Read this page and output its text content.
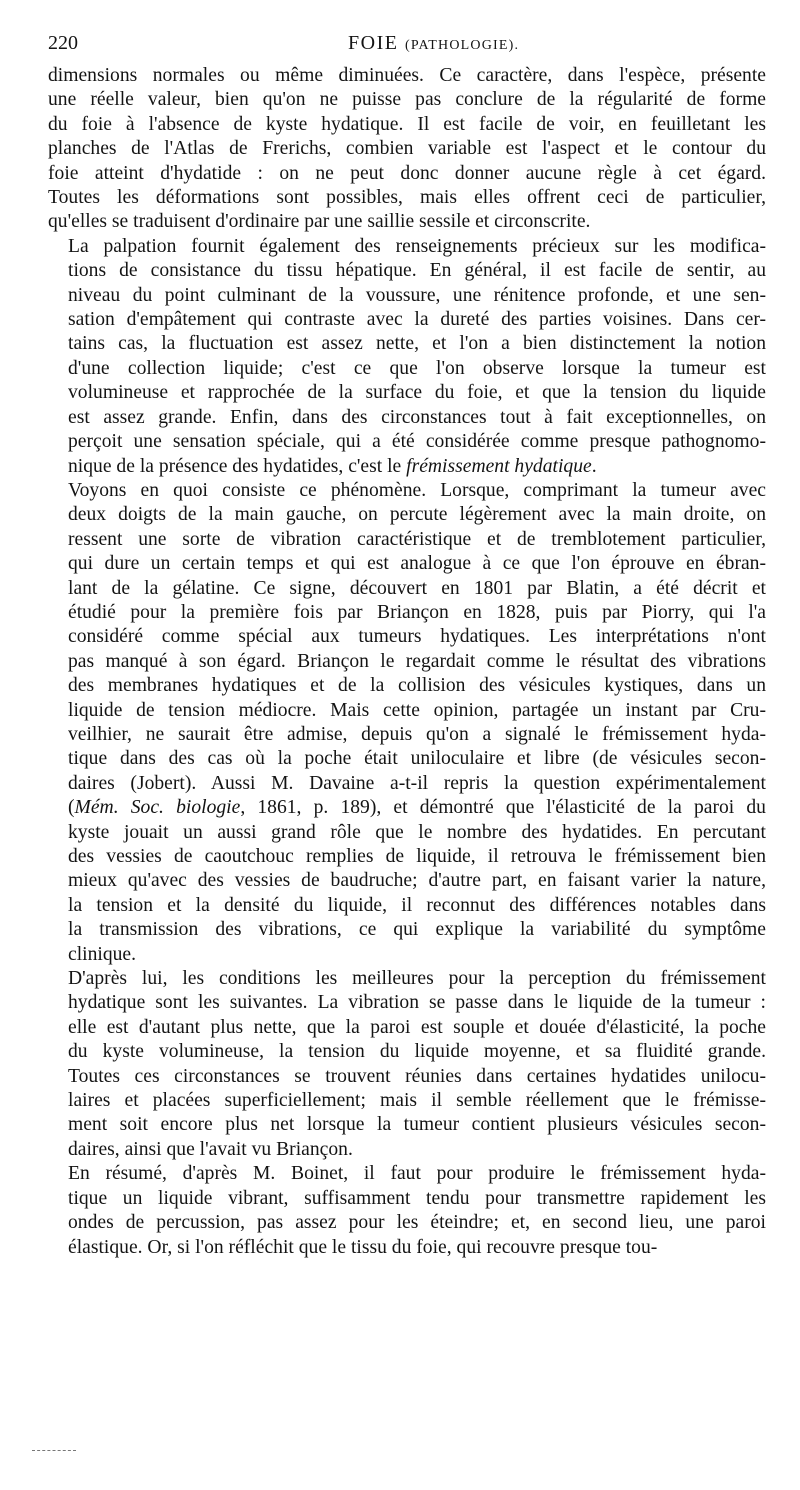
220	FOIE (PATHOLOGIE).

dimensions normales ou même diminuées. Ce caractère, dans l'espèce, présente
une réelle valeur, bien qu'on ne puisse pas conclure de la régularité de forme
du foie à l'absence de kyste hydatique. Il est facile de voir, en feuilletant les
planches de l'Atlas de Frerichs, combien variable est l'aspect et le contour du
foie atteint d'hydatide : on ne peut donc donner aucune règle à cet égard.
Toutes les déformations sont possibles, mais elles offrent ceci de particulier,
qu'elles se traduisent d'ordinaire par une saillie sessile et circonscrite.

La palpation fournit également des renseignements précieux sur les modifica-
tions de consistance du tissu hépatique. En général, il est facile de sentir, au
niveau du point culminant de la voussure, une rénitence profonde, et une sen-
sation d'empâtement qui contraste avec la dureté des parties voisines. Dans cer-
tains cas, la fluctuation est assez nette, et l'on a bien distinctement la notion
d'une collection liquide; c'est ce que l'on observe lorsque la tumeur est
volumineuse et rapprochée de la surface du foie, et que la tension du liquide
est assez grande. Enfin, dans des circonstances tout à fait exceptionnelles, on
perçoit une sensation spéciale, qui a été considérée comme presque pathognomo-
nique de la présence des hydatides, c'est le frémissement hydatique.

Voyons en quoi consiste ce phénomène. Lorsque, comprimant la tumeur avec
deux doigts de la main gauche, on percute légèrement avec la main droite, on
ressent une sorte de vibration caractéristique et de tremblotement particulier,
qui dure un certain temps et qui est analogue à ce que l'on éprouve en ébran-
lant de la gélatine. Ce signe, découvert en 1801 par Blatin, a été décrit et
étudié pour la première fois par Briançon en 1828, puis par Piorry, qui l'a
considéré comme spécial aux tumeurs hydatiques. Les interprétations n'ont
pas manqué à son égard. Briançon le regardait comme le résultat des vibrations
des membranes hydatiques et de la collision des vésicules kystiques, dans un
liquide de tension médiocre. Mais cette opinion, partagée un instant par Cru-
veilhier, ne saurait être admise, depuis qu'on a signalé le frémissement hyda-
tique dans des cas où la poche était uniloculaire et libre (de vésicules secon-
daires (Jobert). Aussi M. Davaine a-t-il repris la question expérimentalement
(Mém. Soc. biologie, 1861, p. 189), et démontré que l'élasticité de la paroi du
kyste jouait un aussi grand rôle que le nombre des hydatides. En percutant
des vessies de caoutchouc remplies de liquide, il retrouva le frémissement bien
mieux qu'avec des vessies de baudruche; d'autre part, en faisant varier la nature,
la tension et la densité du liquide, il reconnut des différences notables dans
la transmission des vibrations, ce qui explique la variabilité du symptôme
clinique.

D'après lui, les conditions les meilleures pour la perception du frémissement
hydatique sont les suivantes. La vibration se passe dans le liquide de la tumeur :
elle est d'autant plus nette, que la paroi est souple et douée d'élasticité, la poche
du kyste volumineuse, la tension du liquide moyenne, et sa fluidité grande.
Toutes ces circonstances se trouvent réunies dans certaines hydatides unilocu-
laires et placées superficiellement; mais il semble réellement que le frémisse-
ment soit encore plus net lorsque la tumeur contient plusieurs vésicules secon-
daires, ainsi que l'avait vu Briançon.

En résumé, d'après M. Boinet, il faut pour produire le frémissement hyda-
tique un liquide vibrant, suffisamment tendu pour transmettre rapidement les
ondes de percussion, pas assez pour les éteindre; et, en second lieu, une paroi
élastique. Or, si l'on réfléchit que le tissu du foie, qui recouvre presque tou-
